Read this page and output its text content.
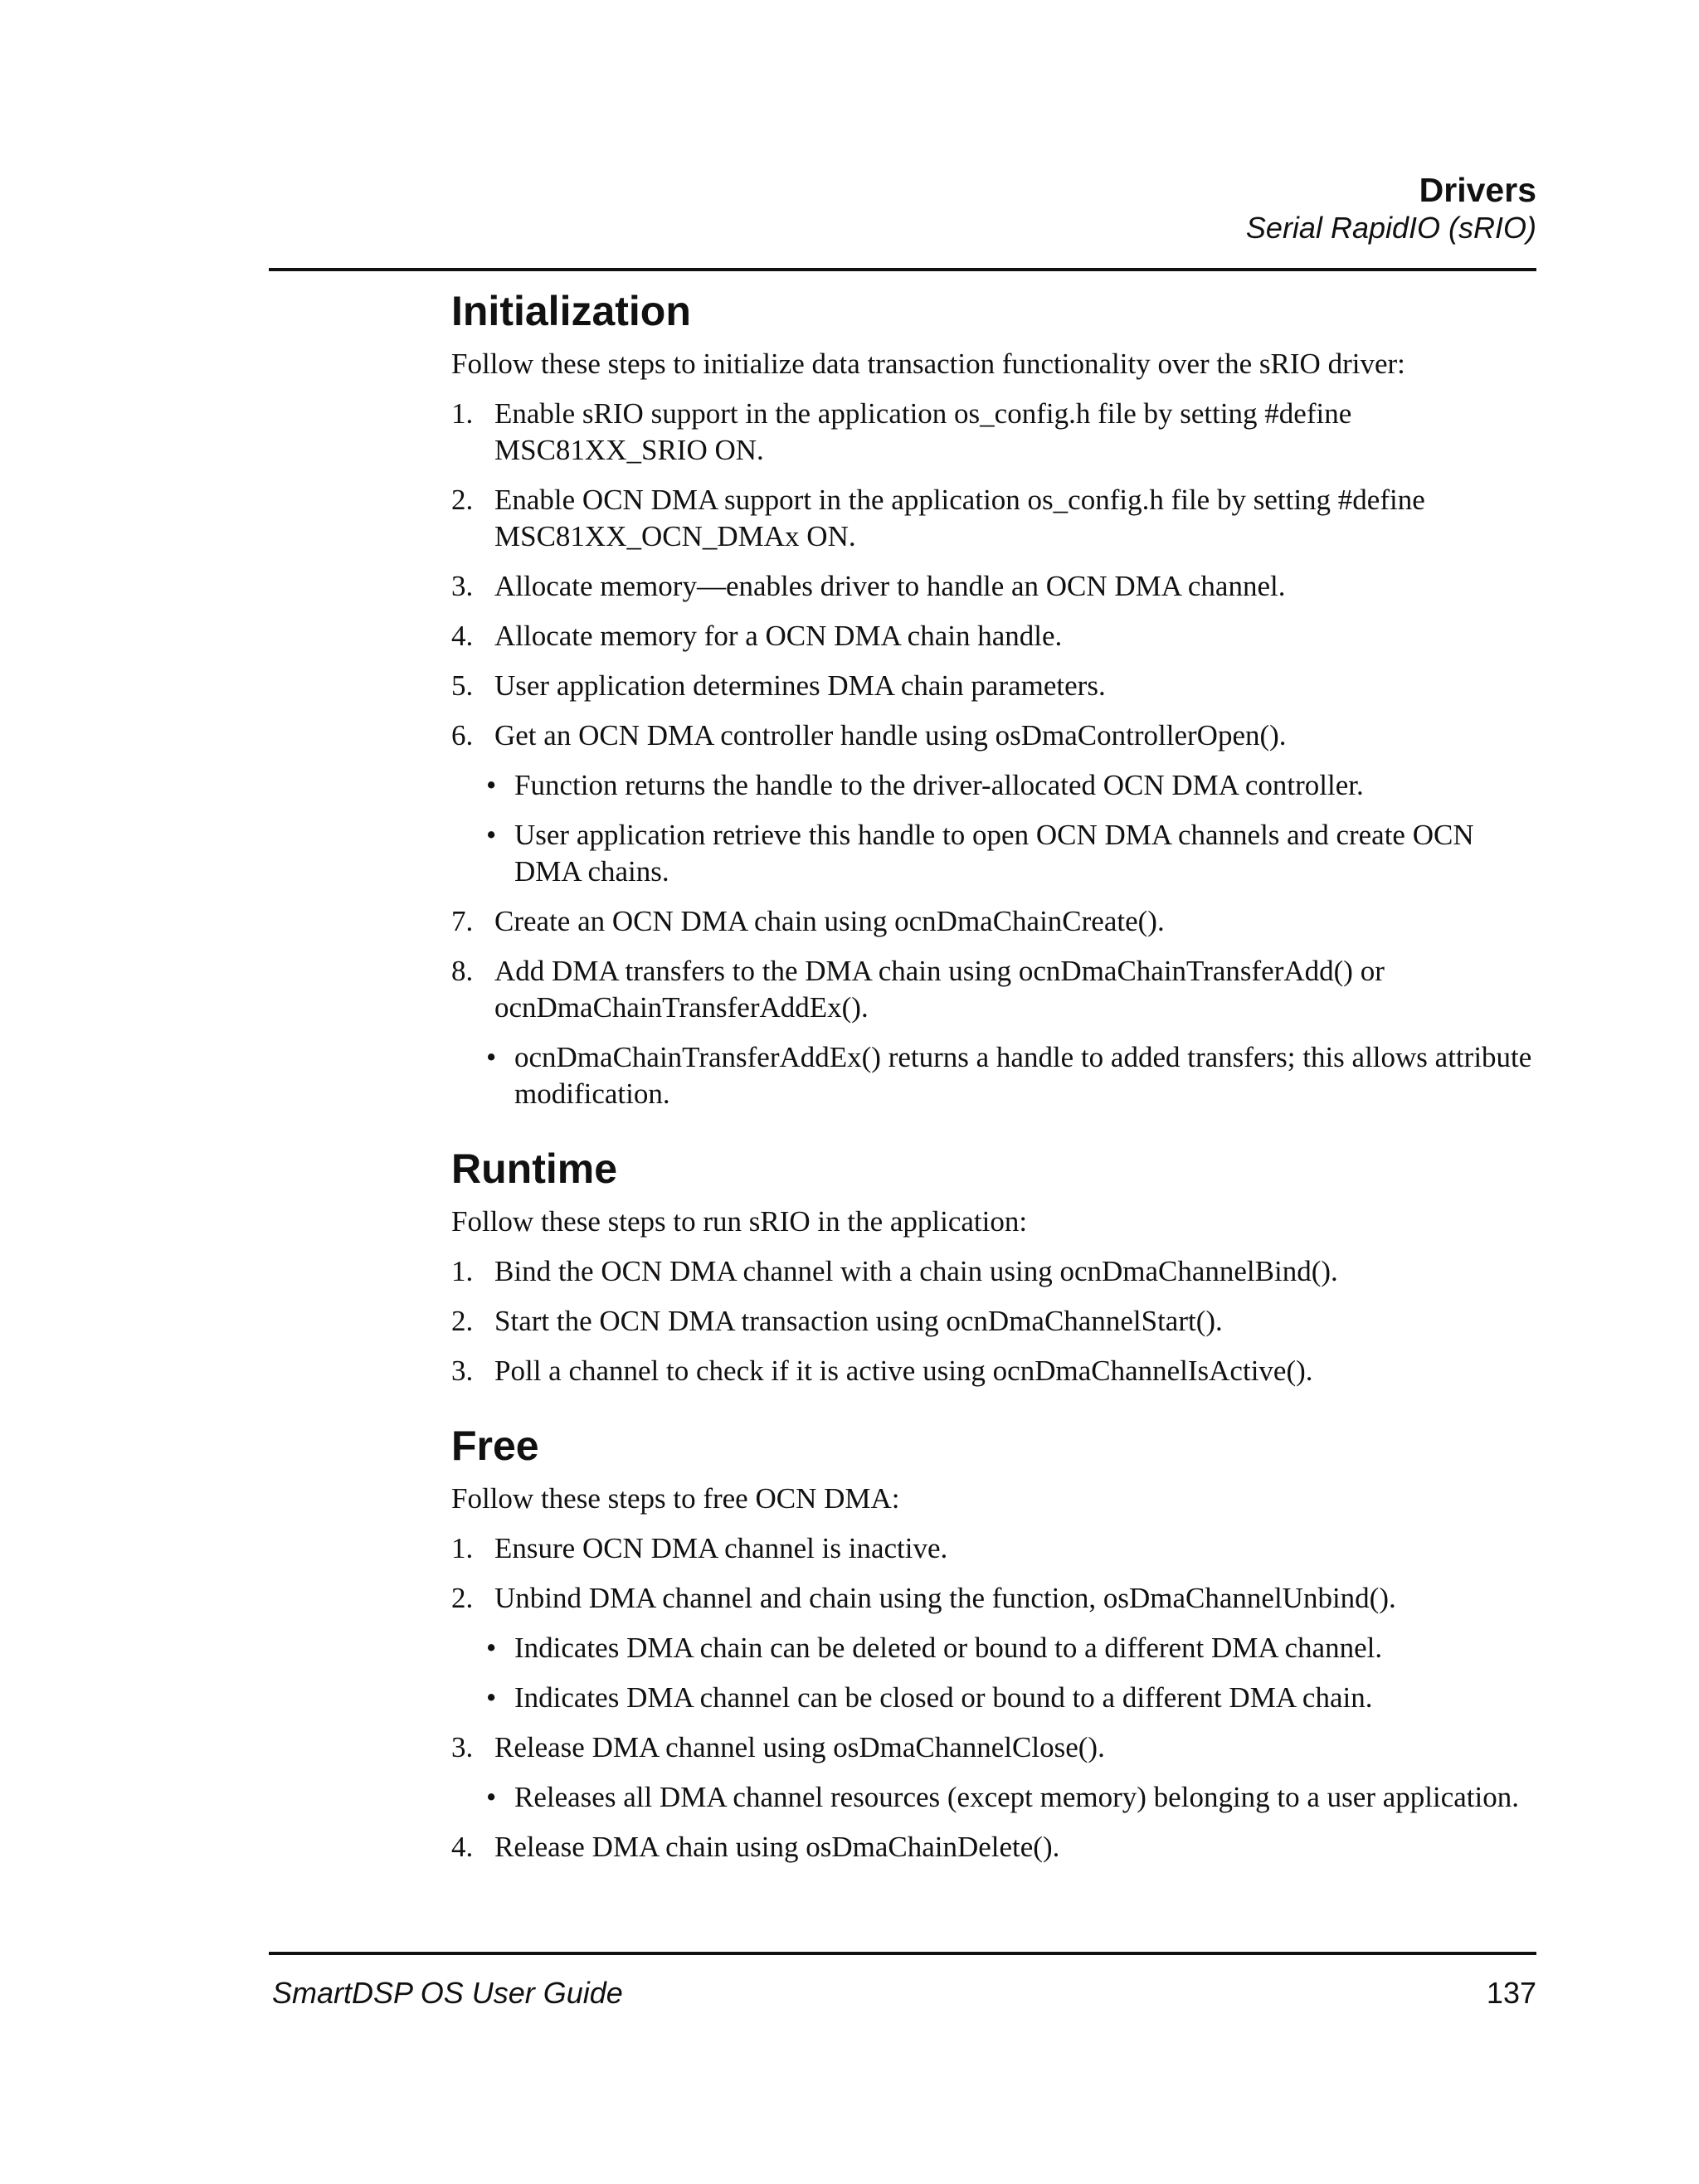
Drivers
Serial RapidIO (sRIO)
Initialization
Follow these steps to initialize data transaction functionality over the sRIO driver:
1. Enable sRIO support in the application os_config.h file by setting #define MSC81XX_SRIO ON.
2. Enable OCN DMA support in the application os_config.h file by setting #define MSC81XX_OCN_DMAx ON.
3. Allocate memory—enables driver to handle an OCN DMA channel.
4. Allocate memory for a OCN DMA chain handle.
5. User application determines DMA chain parameters.
6. Get an OCN DMA controller handle using osDmaControllerOpen().
• Function returns the handle to the driver-allocated OCN DMA controller.
• User application retrieve this handle to open OCN DMA channels and create OCN DMA chains.
7. Create an OCN DMA chain using ocnDmaChainCreate().
8. Add DMA transfers to the DMA chain using ocnDmaChainTransferAdd() or ocnDmaChainTransferAddEx().
• ocnDmaChainTransferAddEx() returns a handle to added transfers; this allows attribute modification.
Runtime
Follow these steps to run sRIO in the application:
1. Bind the OCN DMA channel with a chain using ocnDmaChannelBind().
2. Start the OCN DMA transaction using ocnDmaChannelStart().
3. Poll a channel to check if it is active using ocnDmaChannelIsActive().
Free
Follow these steps to free OCN DMA:
1. Ensure OCN DMA channel is inactive.
2. Unbind DMA channel and chain using the function, osDmaChannelUnbind().
• Indicates DMA chain can be deleted or bound to a different DMA channel.
• Indicates DMA channel can be closed or bound to a different DMA chain.
3. Release DMA channel using osDmaChannelClose().
• Releases all DMA channel resources (except memory) belonging to a user application.
4. Release DMA chain using osDmaChainDelete().
SmartDSP OS User Guide	137
